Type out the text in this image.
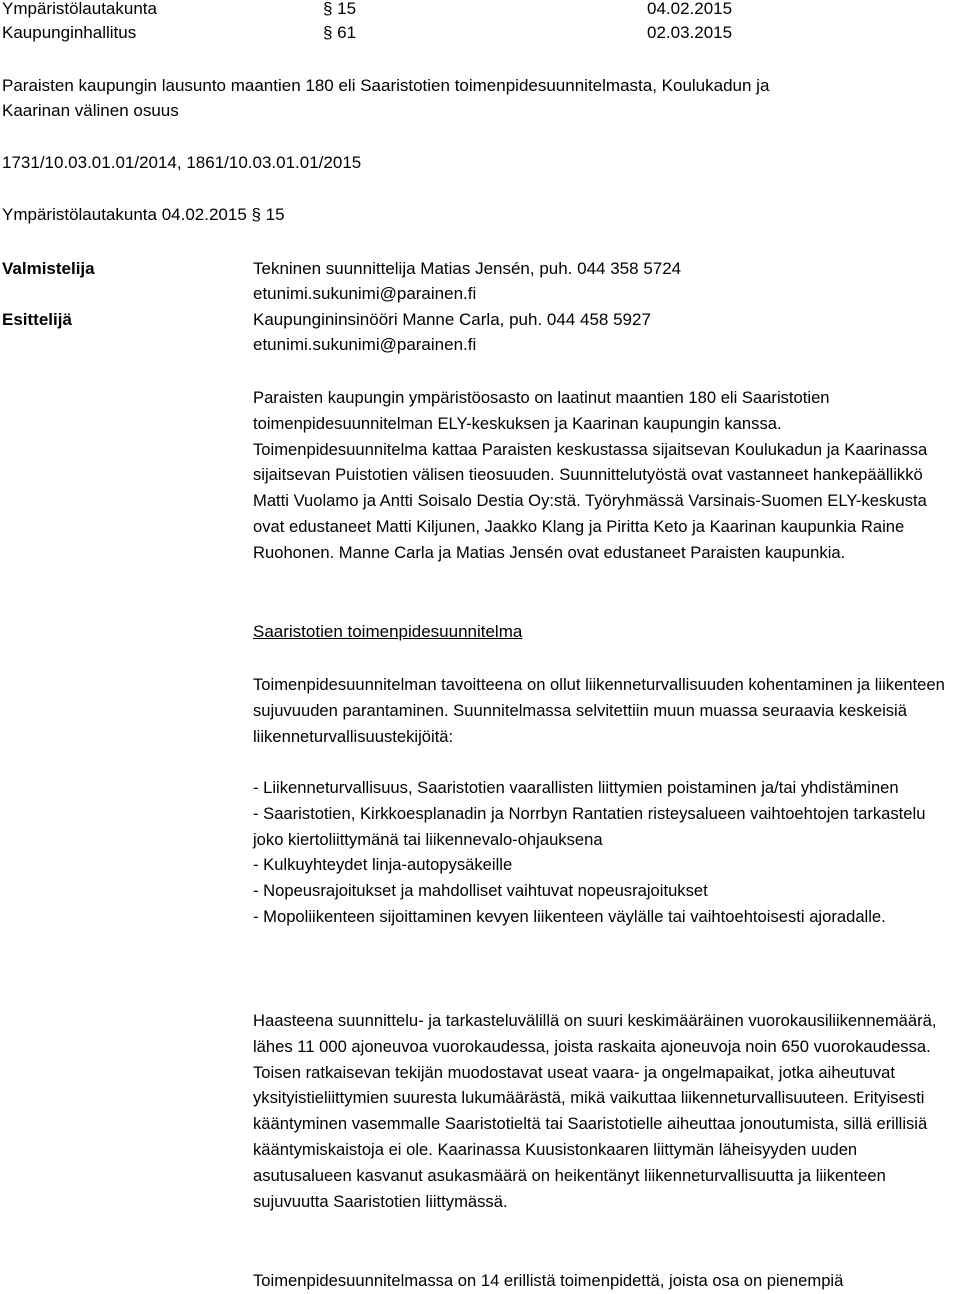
Ympäristölautakunta	§ 15	04.02.2015
Kaupunginhallitus	§ 61	02.03.2015
Paraisten kaupungin lausunto maantien 180 eli Saaristotien toimenpidesuunnitelmasta, Koulukadun ja
Kaarinan välinen osuus
1731/10.03.01.01/2014, 1861/10.03.01.01/2015
Ympäristölautakunta 04.02.2015 § 15
Valmistelija	Tekninen suunnittelija Matias Jensén, puh. 044 358 5724
etunimi.sukunimi@parainen.fi
Esittelijä	Kaupungininsinööri Manne Carla, puh. 044 458 5927
etunimi.sukunimi@parainen.fi

Paraisten kaupungin ympäristöosasto on laatinut maantien 180 eli Saaristotien toimenpidesuunnitelman ELY-keskuksen ja Kaarinan kaupungin kanssa. Toimenpidesuunnitelma kattaa Paraisten keskustassa sijaitsevan Koulukadun ja Kaarinassa sijaitsevan Puistotien välisen tieosuuden. Suunnittelutyöstä ovat vastanneet hankepäällikkö Matti Vuolamo ja Antti Soisalo Destia Oy:stä. Työryhmässä Varsinais-Suomen ELY-keskusta ovat edustaneet Matti Kiljunen, Jaakko Klang ja Piritta Keto ja Kaarinan kaupunkia Raine Ruohonen. Manne Carla ja Matias Jensén ovat edustaneet Paraisten kaupunkia.

Saaristotien toimenpidesuunnitelma

Toimenpidesuunnitelman tavoitteena on ollut liikenneturvallisuuden kohentaminen ja liikenteen sujuvuuden parantaminen. Suunnitelmassa selvitettiin muun muassa seuraavia keskeisiä liikenneturvallisuustekijöitä:

- Liikenneturvallisuus, Saaristotien vaarallisten liittymien poistaminen ja/tai yhdistäminen

- Saaristotien, Kirkkoesplanadin ja Norrbyn Rantatien risteysalueen vaihtoehtojen tarkastelu joko kiertoliittymänä tai liikennevalo-ohjauksena

- Kulkuyhteydet linja-autopysäkeille

- Nopeusrajoitukset ja mahdolliset vaihtuvat nopeusrajoitukset

- Mopoliikenteen sijoittaminen kevyen liikenteen väylälle tai vaihtoehtoisesti ajoradalle.

Haasteena suunnittelu- ja tarkasteluvälillä on suuri keskimääräinen vuorokausiliikennemäärä, lähes 11 000 ajoneuvoa vuorokaudessa, joista raskaita ajoneuvoja noin 650 vuorokaudessa. Toisen ratkaisevan tekijän muodostavat useat vaara- ja ongelmapaikat, jotka aiheutuvat yksityistieliittymien suuresta lukumäärästä, mikä vaikuttaa liikenneturvallisuuteen. Erityisesti kääntyminen vasemmalle Saaristotieltä tai Saaristotielle aiheuttaa jonoutumista, sillä erillisiä kääntymiskaistoja ei ole. Kaarinassa Kuusistonkaaren liittymän läheisyyden uuden asutusalueen kasvanut asukasmäärä on heikentänyt liikenneturvallisuutta ja liikenteen sujuvuutta Saaristotien liittymässä.

Toimenpidesuunnitelmassa on 14 erillistä toimenpidettä, joista osa on pienempiä
